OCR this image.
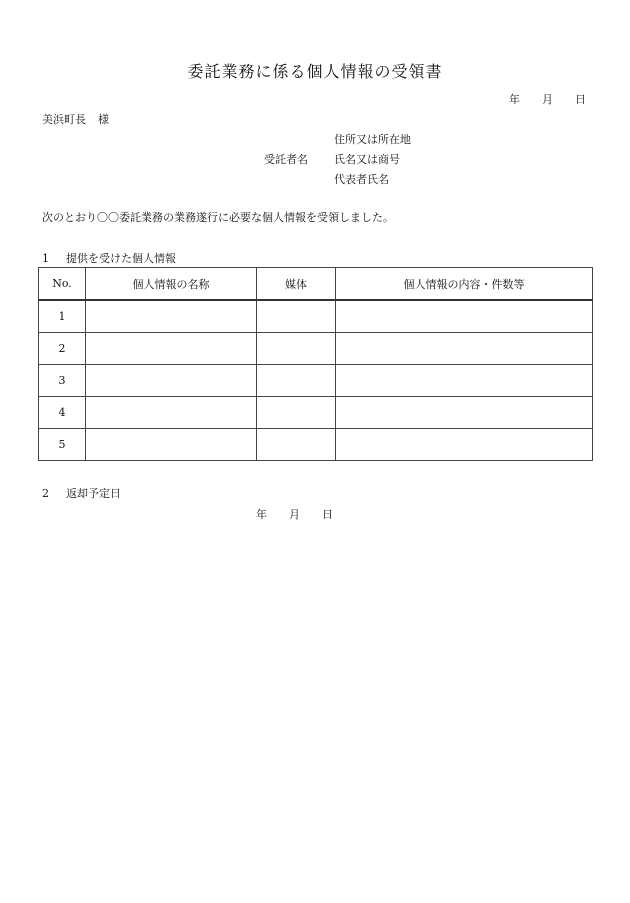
委託業務に係る個人情報の受領書
年 月 日
美浜町長 様
住所又は所在地
受託者名 氏名又は商号
代表者氏名
次のとおり〇〇委託業務の業務遂行に必要な個人情報を受領しました。
1 提供を受けた個人情報
No.	個人情報の名称	媒体	個人情報の内容・件数等
1			
2			
3			
4			
5			
2 返却予定日
年 月 日
